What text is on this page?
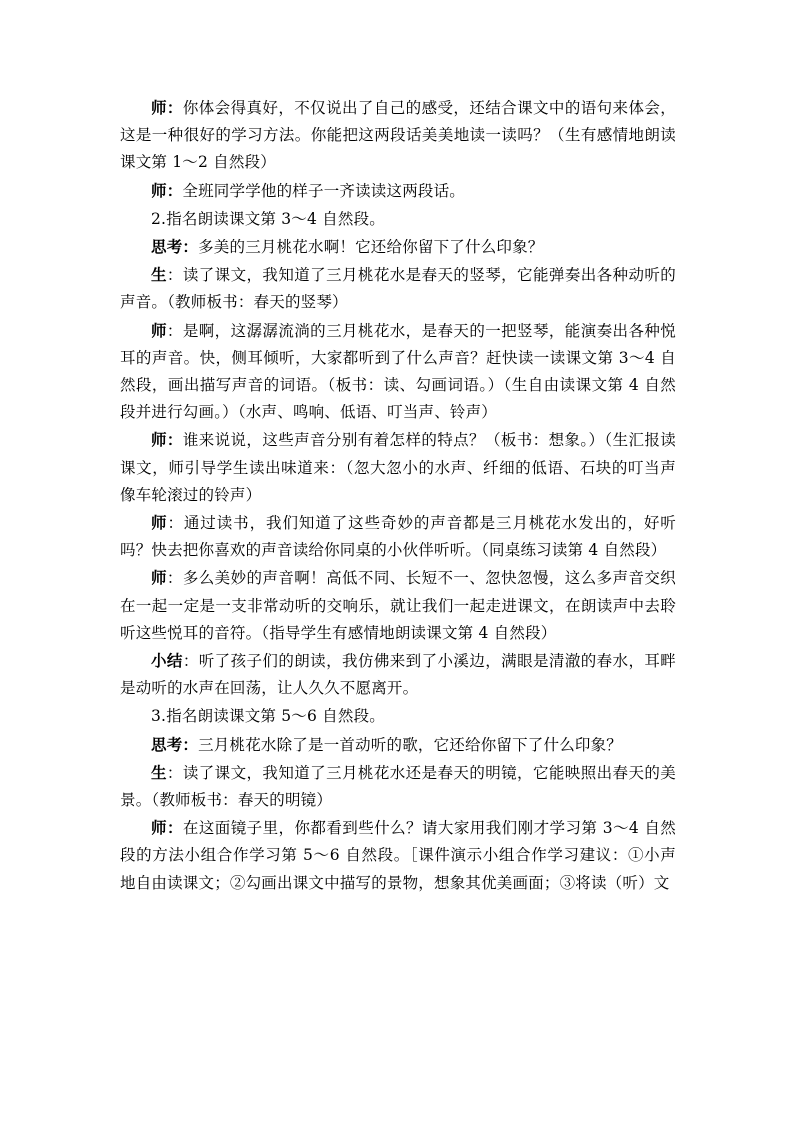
师：你体会得真好，不仅说出了自己的感受，还结合课文中的语句来体会，这是一种很好的学习方法。你能把这两段话美美地读一读吗？（生有感情地朗读课文第 1～2 自然段）

师：全班同学学他的样子一齐读读这两段话。

2.指名朗读课文第 3～4 自然段。

思考：多美的三月桃花水啊！它还给你留下了什么印象？

生：读了课文，我知道了三月桃花水是春天的竖琴，它能弹奏出各种动听的声音。（教师板书：春天的竖琴）

师：是啊，这潺潺流淌的三月桃花水，是春天的一把竖琴，能演奏出各种悦耳的声音。快，侧耳倾听，大家都听到了什么声音？赶快读一读课文第 3～4 自然段，画出描写声音的词语。（板书：读、勾画词语。）（生自由读课文第 4 自然段并进行勾画。）（水声、鸣响、低语、叮当声、铃声）

师：谁来说说，这些声音分别有着怎样的特点？（板书：想象。）（生汇报读课文，师引导学生读出味道来：（忽大忽小的水声、纤细的低语、石块的叮当声像车轮滚过的铃声）

师：通过读书，我们知道了这些奇妙的声音都是三月桃花水发出的，好听吗？快去把你喜欢的声音读给你同桌的小伙伴听听。（同桌练习读第 4 自然段）

师：多么美妙的声音啊！高低不同、长短不一、忽快忽慢，这么多声音交织在一起一定是一支非常动听的交响乐，就让我们一起走进课文，在朗读声中去聆听这些悦耳的音符。（指导学生有感情地朗读课文第 4 自然段）

小结：听了孩子们的朗读，我仿佛来到了小溪边，满眼是清澈的春水，耳畔是动听的水声在回荡，让人久久不愿离开。

3.指名朗读课文第 5～6 自然段。

思考：三月桃花水除了是一首动听的歌，它还给你留下了什么印象？

生：读了课文，我知道了三月桃花水还是春天的明镜，它能映照出春天的美景。（教师板书：春天的明镜）

师：在这面镜子里，你都看到些什么？请大家用我们刚才学习第 3～4 自然段的方法小组合作学习第 5～6 自然段。［课件演示小组合作学习建议：①小声地自由读课文；②勾画出课文中描写的景物，想象其优美画面；③将读（听）文
